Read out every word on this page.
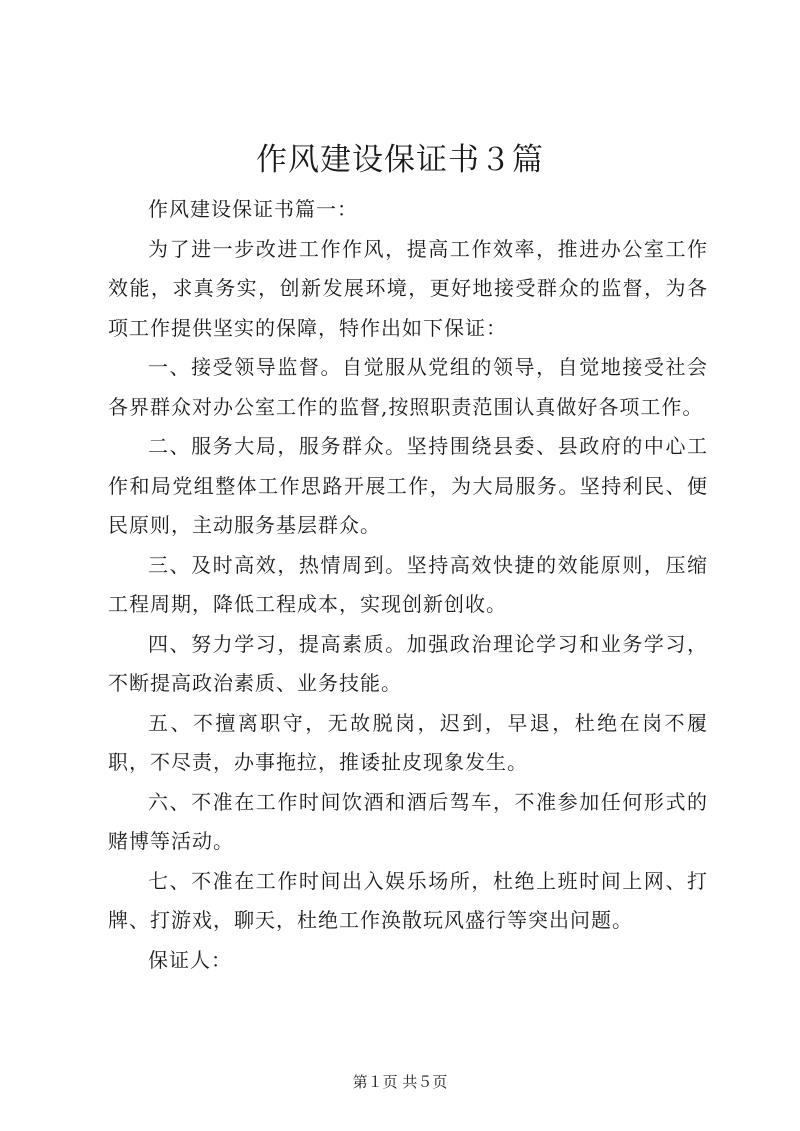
作风建设保证书３篇

作风建设保证书篇一：

为了进一步改进工作作风，提高工作效率，推进办公室工作效能，求真务实，创新发展环境，更好地接受群众的监督，为各项工作提供坚实的保障，特作出如下保证：

一、接受领导监督。自觉服从党组的领导，自觉地接受社会各界群众对办公室工作的监督,按照职责范围认真做好各项工作。

二、服务大局，服务群众。坚持围绕县委、县政府的中心工作和局党组整体工作思路开展工作，为大局服务。坚持利民、便民原则，主动服务基层群众。

三、及时高效，热情周到。坚持高效快捷的效能原则，压缩工程周期，降低工程成本，实现创新创收。

四、努力学习，提高素质。加强政治理论学习和业务学习，不断提高政治素质、业务技能。

五、不擅离职守，无故脱岗，迟到，早退，杜绝在岗不履职，不尽责，办事拖拉，推诿扯皮现象发生。

六、不准在工作时间饮酒和酒后驾车，不准参加任何形式的赌博等活动。

七、不准在工作时间出入娱乐场所，杜绝上班时间上网、打牌、打游戏，聊天，杜绝工作涣散玩风盛行等突出问题。

保证人：

第１页 共５页
